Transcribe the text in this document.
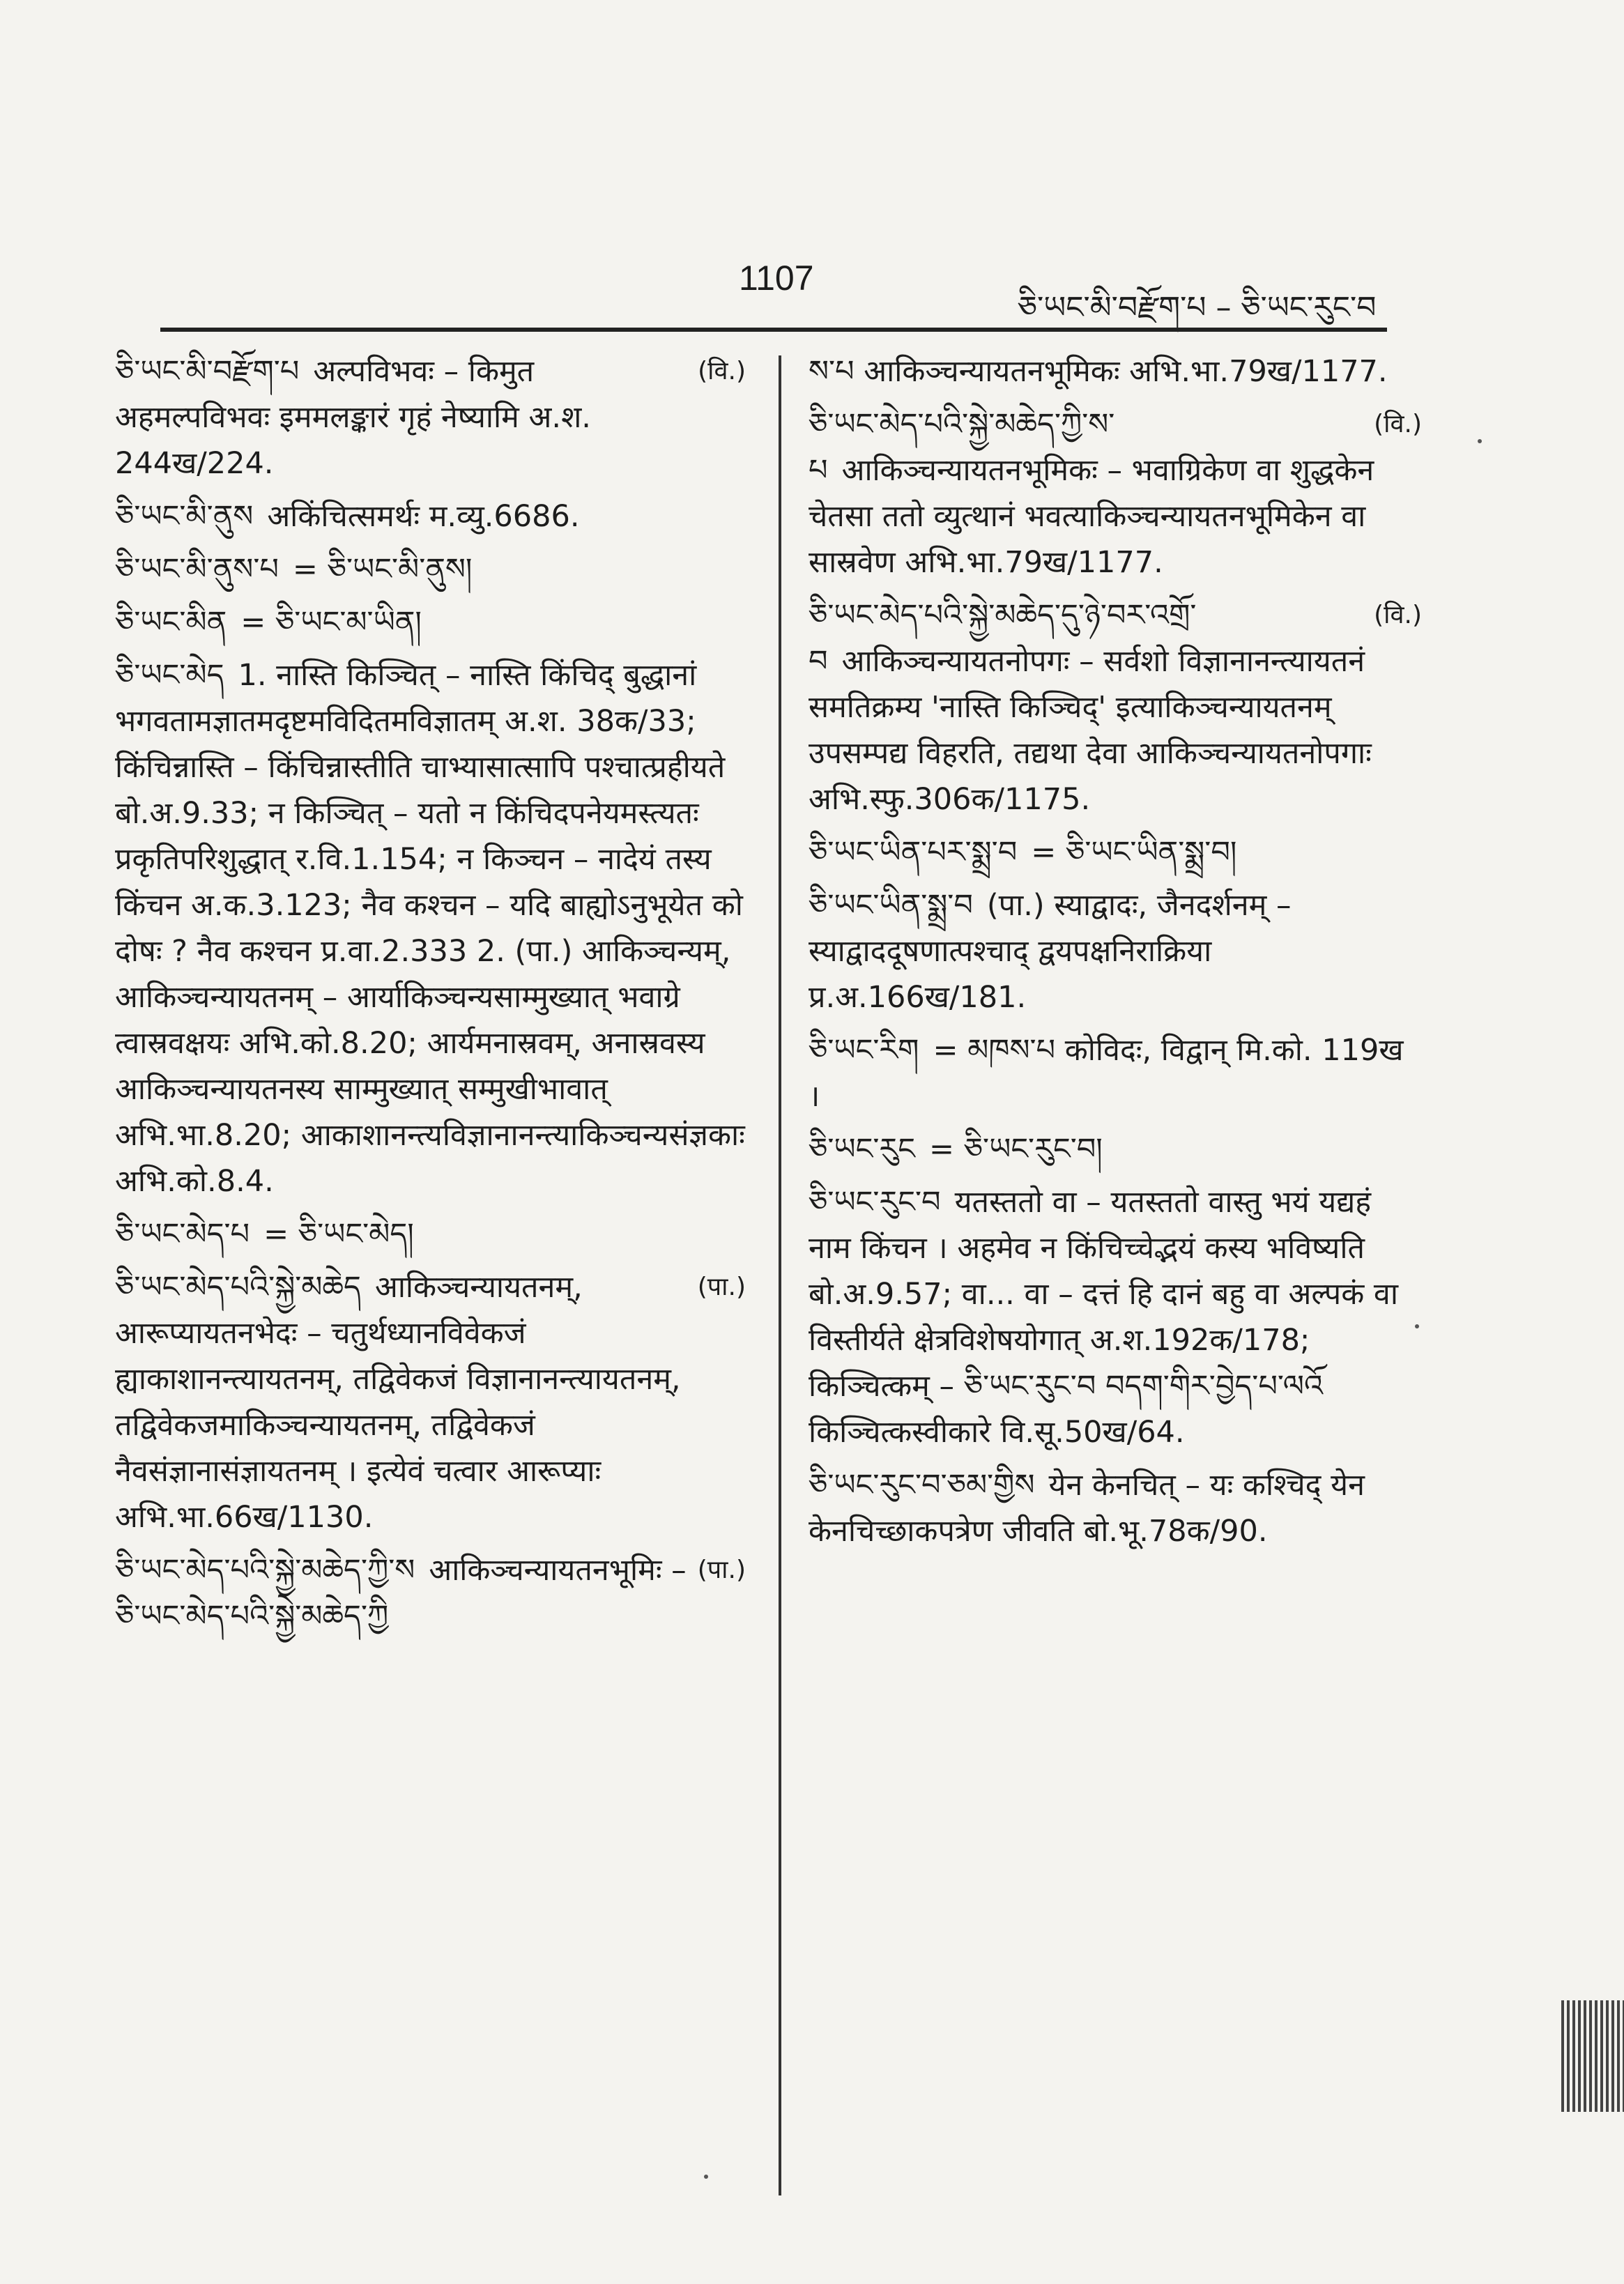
1107
ཅི་ཡང་མི་བརྫོག་པ – ཅི་ཡང་རུང་བ
(वि.)
ཅི་ཡང་མི་བརྫོག་པ अल्पविभवः – किमुत अहमल्पविभवः इममलङ्कारं गृहं नेष्यामि अ.श. 244ख/224.
ཅི་ཡང་མི་ནུས अकिंचित्समर्थः म.व्यु.6686.
ཅི་ཡང་མི་ནུས་པ = ཅི་ཡང་མི་ནུས།
ཅི་ཡང་མིན = ཅི་ཡང་མ་ཡིན།
ཅི་ཡང་མེད 1. नास्ति किञ्चित् – नास्ति किंचिद् बुद्धानां भगवतामज्ञातमदृष्टमविदितमविज्ञातम् अ.श. 38क/33; किंचिन्नास्ति – किंचिन्नास्तीति चाभ्यासात्सापि पश्चात्प्रहीयते बो.अ.9.33; न किञ्चित् – यतो न किंचिदपनेयमस्त्यतः प्रकृतिपरिशुद्धात् र.वि.1.154; न किञ्चन – नादेयं तस्य किंचन अ.क.3.123; नैव कश्चन – यदि बाह्योऽनुभूयेत को दोषः ? नैव कश्चन प्र.वा.2.333 2. (पा.) आकिञ्चन्यम्, आकिञ्चन्यायतनम् – आर्याकिञ्चन्यसाम्मुख्यात् भवाग्रे त्वास्रवक्षयः अभि.को.8.20; आर्यमनास्रवम्, अनास्रवस्य आकिञ्चन्यायतनस्य साम्मुख्यात् सम्मुखीभावात् अभि.भा.8.20; आकाशानन्त्यविज्ञानानन्त्याकिञ्चन्यसंज्ञकाः अभि.को.8.4.
ཅི་ཡང་མེད་པ = ཅི་ཡང་མེད།
(पा.)
ཅི་ཡང་མེད་པའི་སྐྱེ་མཆེད आकिञ्चन्यायतनम्, आरूप्यायतनभेदः – चतुर्थध्यानविवेकजं ह्याकाशानन्त्यायतनम्, तद्विवेकजं विज्ञानानन्त्यायतनम्, तद्विवेकजमाकिञ्चन्यायतनम्, तद्विवेकजं नैवसंज्ञानासंज्ञायतनम् । इत्येवं चत्वार आरूप्याः अभि.भा.66ख/1130.
(पा.)
ཅི་ཡང་མེད་པའི་སྐྱེ་མཆེད་ཀྱི་ས आकिञ्चन्यायतनभूमिः – ཅི་ཡང་མེད་པའི་སྐྱེ་མཆེད་ཀྱི
ས་པ आकिञ्चन्यायतनभूमिकः अभि.भा.79ख/1177.
(वि.)
ཅི་ཡང་མེད་པའི་སྐྱེ་མཆེད་ཀྱི་ས་པ आकिञ्चन्यायतनभूमिकः – भवाग्रिकेण वा शुद्धकेन चेतसा ततो व्युत्थानं भवत्याकिञ्चन्यायतनभूमिकेन वा सास्रवेण अभि.भा.79ख/1177.
(वि.)
ཅི་ཡང་མེད་པའི་སྐྱེ་མཆེད་དུ་ཉེ་བར་འགྲོ་བ आकिञ्चन्यायतनोपगः – सर्वशो विज्ञानानन्त्यायतनं समतिक्रम्य 'नास्ति किञ्चिद्' इत्याकिञ्चन्यायतनम् उपसम्पद्य विहरति, तद्यथा देवा आकिञ्चन्यायतनोपगाः अभि.स्फु.306क/1175.
ཅི་ཡང་ཡིན་པར་སྨྲ་བ = ཅི་ཡང་ཡིན་སྨྲ་བ།
ཅི་ཡང་ཡིན་སྨྲ་བ (पा.) स्याद्वादः, जैनदर्शनम् – स्याद्वाददूषणात्पश्चाद् द्वयपक्षनिराक्रिया प्र.अ.166ख/181.
ཅི་ཡང་རིག = མཁས་པ कोविदः, विद्वान् मि.को. 119ख ।
ཅི་ཡང་རུང = ཅི་ཡང་རུང་བ།
ཅི་ཡང་རུང་བ यतस्ततो वा – यतस्ततो वास्तु भयं यद्यहं नाम किंचन । अहमेव न किंचिच्चेद्भयं कस्य भविष्यति बो.अ.9.57; वा... वा – दत्तं हि दानं बहु वा अल्पकं वा विस्तीर्यते क्षेत्रविशेषयोगात् अ.श.192क/178; किञ्चित्कम् – ཅི་ཡང་རུང་བ བདག་གིར་བྱེད་པ་ལའོ किञ्चित्कस्वीकारे वि.सू.50ख/64.
ཅི་ཡང་རུང་བ་ཅམ་གྱིས येन केनचित् – यः कश्चिद् येन केनचिच्छाकपत्रेण जीवति बो.भू.78क/90.
